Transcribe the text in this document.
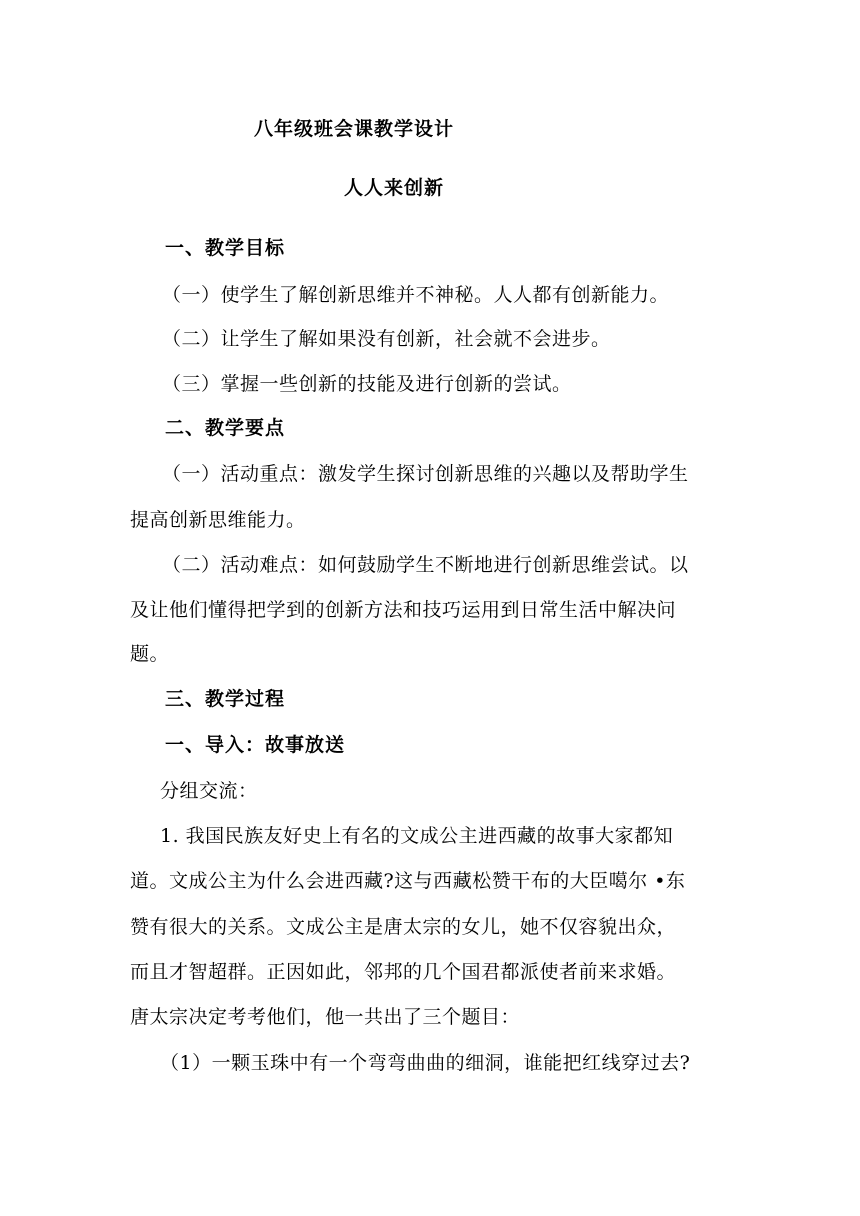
八年级班会课教学设计
人人来创新
一、教学目标
（一）使学生了解创新思维并不神秘。人人都有创新能力。
（二）让学生了解如果没有创新，社会就不会进步。
（三）掌握一些创新的技能及进行创新的尝试。
二、教学要点
（一）活动重点：激发学生探讨创新思维的兴趣以及帮助学生
提高创新思维能力。
（二）活动难点：如何鼓励学生不断地进行创新思维尝试。以
及让他们懂得把学到的创新方法和技巧运用到日常生活中解决问
题。
三、教学过程
一、导入：故事放送
分组交流：
1. 我国民族友好史上有名的文成公主进西藏的故事大家都知
道。文成公主为什么会进西藏?这与西藏松赞干布的大臣噶尔 •东
赞有很大的关系。文成公主是唐太宗的女儿，她不仅容貌出众，
而且才智超群。正因如此，邻邦的几个国君都派使者前来求婚。
唐太宗决定考考他们，他一共出了三个题目：
（1）一颗玉珠中有一个弯弯曲曲的细洞，谁能把红线穿过去?
